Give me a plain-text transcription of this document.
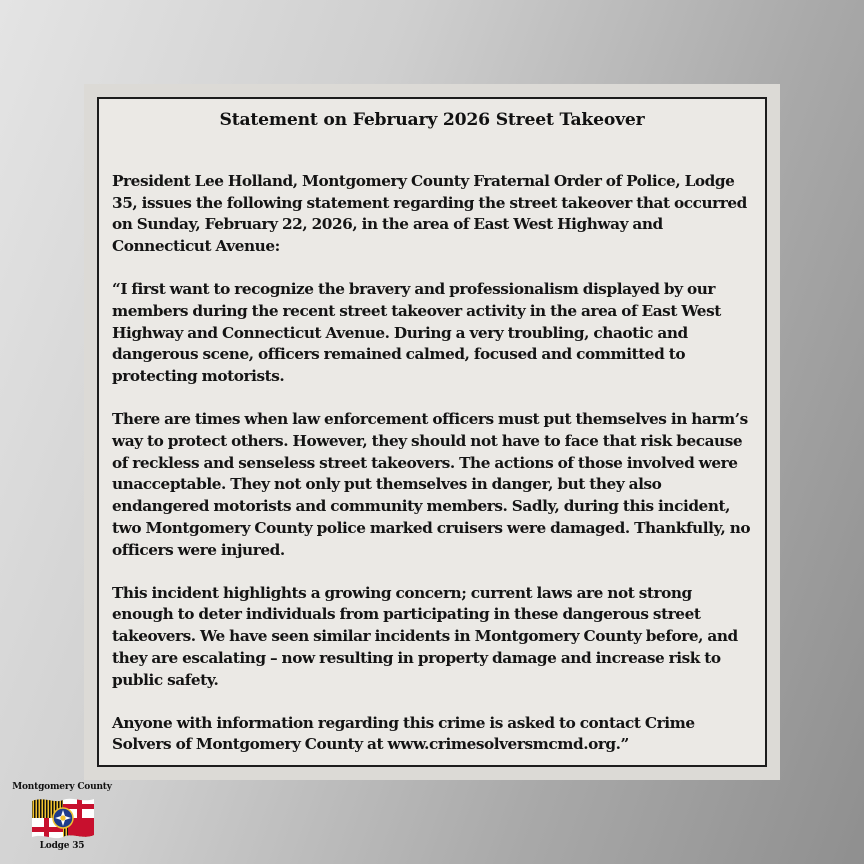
Statement on February 2026 Street Takeover

President Lee Holland, Montgomery County Fraternal Order of Police, Lodge 35, issues the following statement regarding the street takeover that occurred on Sunday, February 22, 2026, in the area of East West Highway and Connecticut Avenue:

“I first want to recognize the bravery and professionalism displayed by our members during the recent street takeover activity in the area of East West Highway and Connecticut Avenue. During a very troubling, chaotic and dangerous scene, officers remained calmed, focused and committed to protecting motorists.

There are times when law enforcement officers must put themselves in harm’s way to protect others. However, they should not have to face that risk because of reckless and senseless street takeovers. The actions of those involved were unacceptable. They not only put themselves in danger, but they also endangered motorists and community members. Sadly, during this incident, two Montgomery County police marked cruisers were damaged. Thankfully, no officers were injured.

This incident highlights a growing concern; current laws are not strong enough to deter individuals from participating in these dangerous street takeovers. We have seen similar incidents in Montgomery County before, and they are escalating – now resulting in property damage and increase risk to public safety.

Anyone with information regarding this crime is asked to contact Crime Solvers of Montgomery County at www.crimesolversmcmd.org.”

Montgomery County
Lodge 35
